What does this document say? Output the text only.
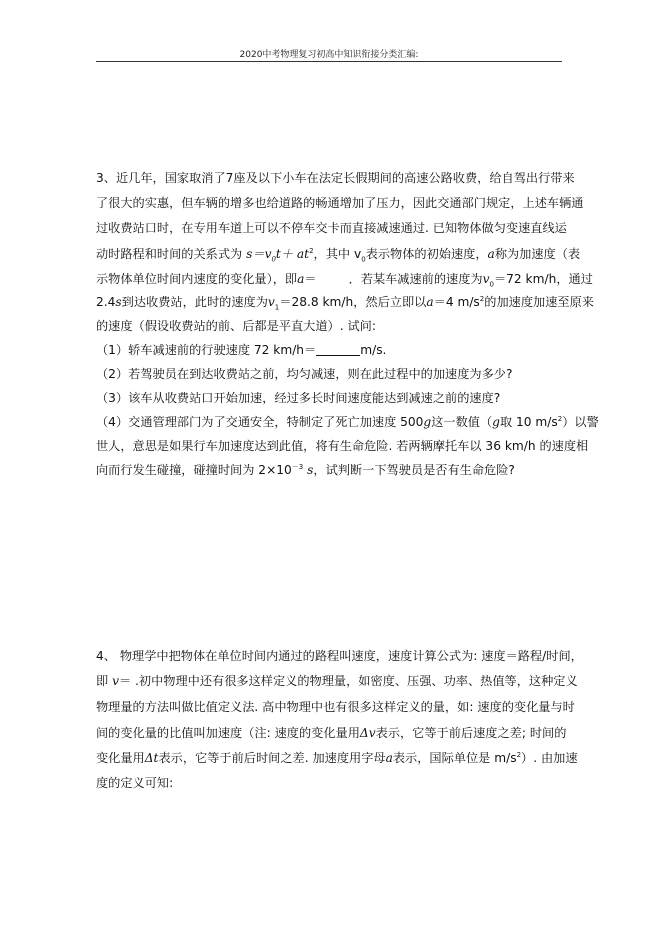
2020中考物理复习初高中知识衔接分类汇编:
3、近几年，国家取消了7座及以下小车在法定长假期间的高速公路收费，给自驾出行带来
了很大的实惠，但车辆的增多也给道路的畅通增加了压力，因此交通部门规定，上述车辆通
过收费站口时，在专用车道上可以不停车交卡而直接减速通过. 已知物体做匀变速直线运
动时路程和时间的关系式为 $s=v_0t+ at^2$，其中 $v_0$表示物体的初始速度，a称为加速度（表
示物体单位时间内速度的变化量），即a＝	．若某车减速前的速度为$v_0=72$ km/h，通过
2.4s到达收费站，此时的速度为$v_1=28.8$ km/h，然后立即以a＝4 $m/s^2$的加速度加速至原来
的速度（假设收费站的前、后都是平直大道）. 试问:
（1）轿车减速前的行驶速度 72 km/h＝	m/s.
（2）若驾驶员在到达收费站之前，均匀减速，则在此过程中的加速度为多少?
（3）该车从收费站口开始加速，经过多长时间速度能达到减速之前的速度?
（4）交通管理部门为了交通安全，特制定了死亡加速度 500g这一数值（g取 10 $m/s^2$）以警
世人，意思是如果行车加速度达到此值，将有生命危险. 若两辆摩托车以 36 km/h 的速度相
向而行发生碰撞，碰撞时间为 $2\times 10^{-3}$ s，试判断一下驾驶员是否有生命危险?
4、 物理学中把物体在单位时间内通过的路程叫速度，速度计算公式为: 速度＝路程/时间，
即 v＝ .初中物理中还有很多这样定义的物理量，如密度、压强、功率、热值等，这种定义
物理量的方法叫做比值定义法. 高中物理中也有很多这样定义的量，如: 速度的变化量与时
间的变化量的比值叫加速度（注: 速度的变化量用Δv表示，它等于前后速度之差; 时间的
变化量用Δt表示，它等于前后时间之差. 加速度用字母a表示，国际单位是 $m/s^2$）. 由加速
度的定义可知:
